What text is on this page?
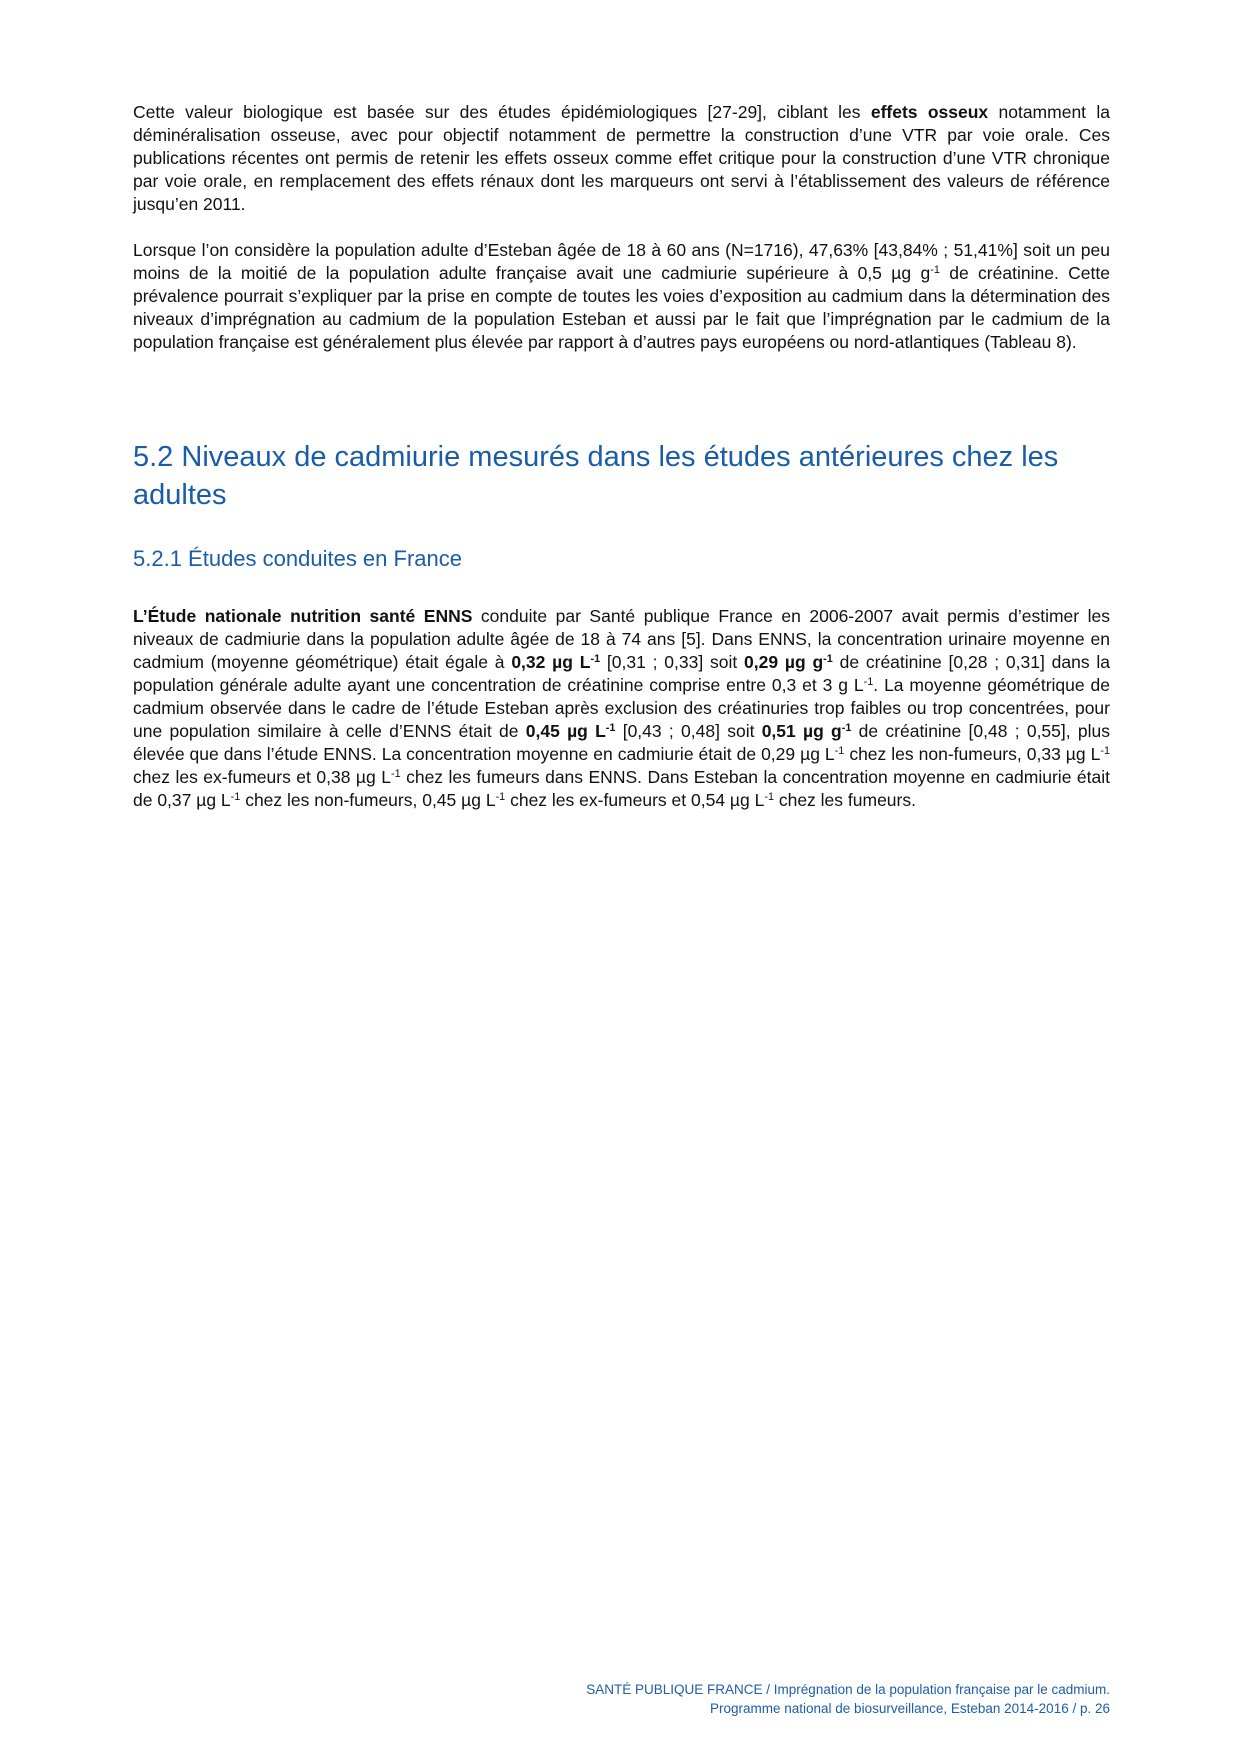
Cette valeur biologique est basée sur des études épidémiologiques [27-29], ciblant les effets osseux notamment la déminéralisation osseuse, avec pour objectif notamment de permettre la construction d’une VTR par voie orale. Ces publications récentes ont permis de retenir les effets osseux comme effet critique pour la construction d’une VTR chronique par voie orale, en remplacement des effets rénaux dont les marqueurs ont servi à l’établissement des valeurs de référence jusqu’en 2011.

Lorsque l’on considère la population adulte d’Esteban âgée de 18 à 60 ans (N=1716), 47,63% [43,84% ; 51,41%] soit un peu moins de la moitié de la population adulte française avait une cadmiurie supérieure à 0,5 µg $g^{-1}$ de créatinine. Cette prévalence pourrait s’expliquer par la prise en compte de toutes les voies d’exposition au cadmium dans la détermination des niveaux d’imprégnation au cadmium de la population Esteban et aussi par le fait que l’imprégnation par le cadmium de la population française est généralement plus élevée par rapport à d’autres pays européens ou nord-atlantiques (Tableau 8).

5.2 Niveaux de cadmiurie mesurés dans les études antérieures chez les adultes
5.2.1 Études conduites en France

L’Étude nationale nutrition santé ENNS conduite par Santé publique France en 2006-2007 avait permis d’estimer les niveaux de cadmiurie dans la population adulte âgée de 18 à 74 ans [5]. Dans ENNS, la concentration urinaire moyenne en cadmium (moyenne géométrique) était égale à 0,32 µg $L^{-1}$ [0,31 ; 0,33] soit 0,29 µg $g^{-1}$ de créatinine [0,28 ; 0,31] dans la population générale adulte ayant une concentration de créatinine comprise entre 0,3 et 3 g $L^{-1}$. La moyenne géométrique de cadmium observée dans le cadre de l’étude Esteban après exclusion des créatinuries trop faibles ou trop concentrées, pour une population similaire à celle d’ENNS était de 0,45 µg $L^{-1}$ [0,43 ; 0,48] soit 0,51 µg $g^{-1}$ de créatinine [0,48 ; 0,55], plus élevée que dans l’étude ENNS. La concentration moyenne en cadmiurie était de 0,29 µg $L^{-1}$ chez les non-fumeurs, 0,33 µg $L^{-1}$ chez les ex-fumeurs et 0,38 µg $L^{-1}$ chez les fumeurs dans ENNS. Dans Esteban la concentration moyenne en cadmiurie était de 0,37 µg $L^{-1}$ chez les non-fumeurs, 0,45 µg $L^{-1}$ chez les ex-fumeurs et 0,54 µg $L^{-1}$ chez les fumeurs.

SANTÉ PUBLIQUE FRANCE / Imprégnation de la population française par le cadmium.
Programme national de biosurveillance, Esteban 2014-2016 / p. 26
